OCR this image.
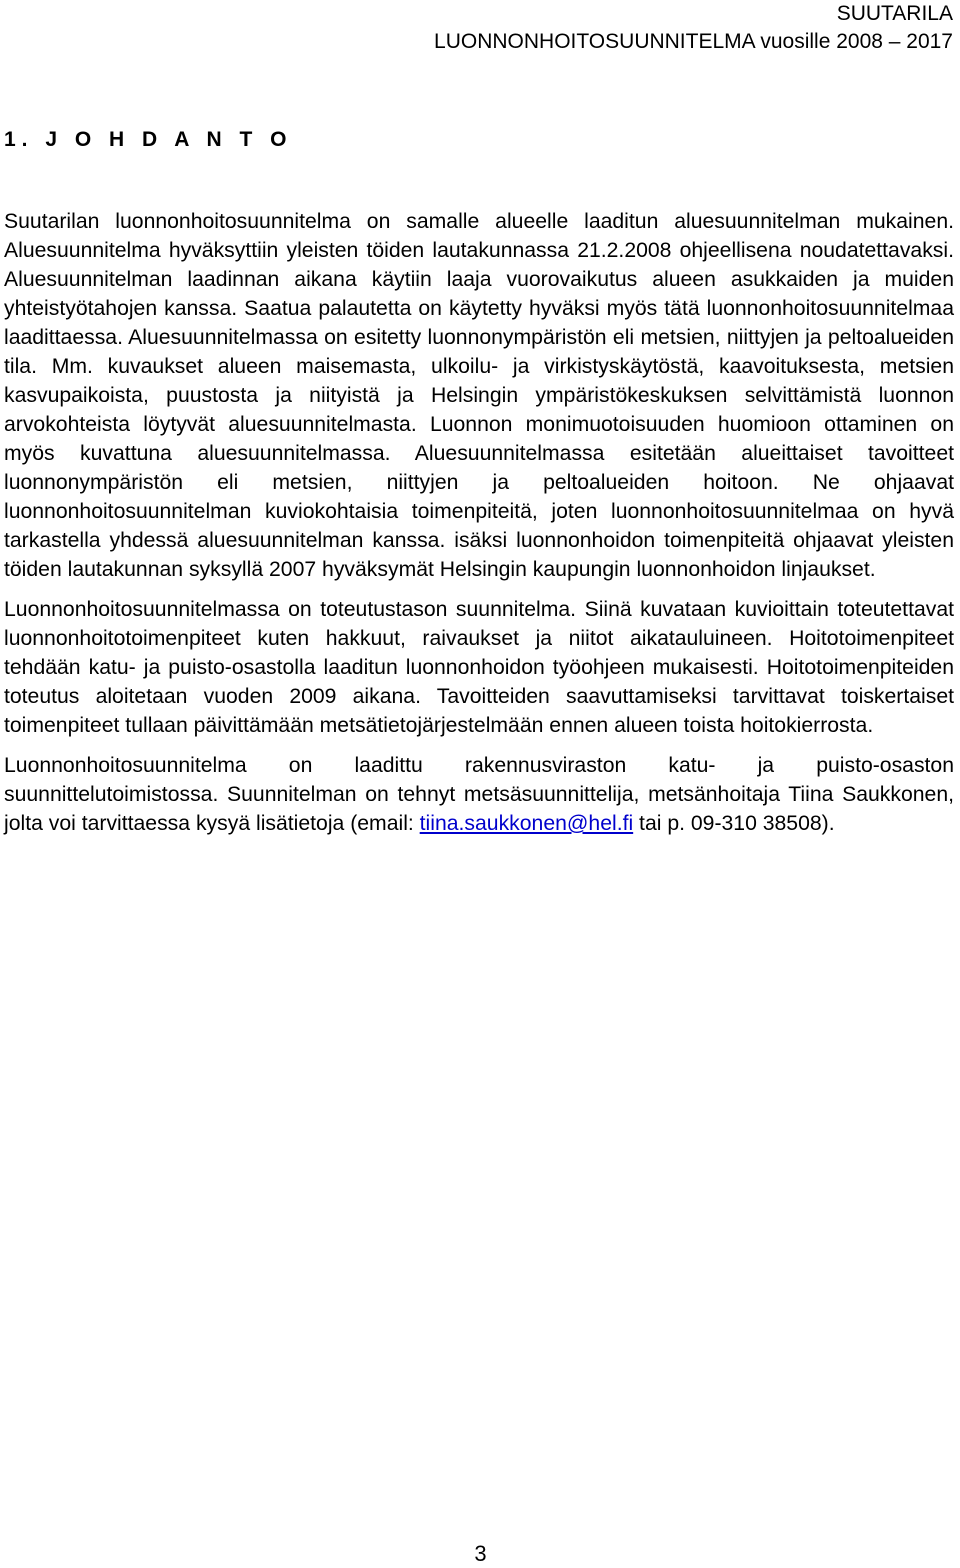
SUUTARILA
LUONNONHOITOSUUNNITELMA vuosille 2008 – 2017
1. J O H D A N T O

Suutarilan luonnonhoitosuunnitelma on samalle alueelle laaditun aluesuunnitelman mukainen. Aluesuunnitelma hyväksyttiin yleisten töiden lautakunnassa 21.2.2008 ohjeellisena noudatettavaksi. Aluesuunnitelman laadinnan aikana käytiin laaja vuorovaikutus alueen asukkaiden ja muiden yhteistyötahojen kanssa. Saatua palautetta on käytetty hyväksi myös tätä luonnonhoitosuunnitelmaa laadittaessa. Aluesuunnitelmassa on esitetty luonnonympäristön eli metsien, niittyjen ja peltoalueiden tila. Mm. kuvaukset alueen maisemasta, ulkoilu- ja virkistyskäytöstä, kaavoituksesta, metsien kasvupaikoista, puustosta ja niityistä ja Helsingin ympäristökeskuksen selvittämistä luonnon arvokohteista löytyvät aluesuunnitelmasta. Luonnon monimuotoisuuden huomioon ottaminen on myös kuvattuna aluesuunnitelmassa. Aluesuunnitelmassa esitetään alueittaiset tavoitteet luonnonympäristön eli metsien, niittyjen ja peltoalueiden hoitoon. Ne ohjaavat luonnonhoitosuunnitelman kuviokohtaisia toimenpiteitä, joten luonnonhoitosuunnitelmaa on hyvä tarkastella yhdessä aluesuunnitelman kanssa. isäksi luonnonhoidon toimenpiteitä ohjaavat yleisten töiden lautakunnan syksyllä 2007 hyväksymät Helsingin kaupungin luonnonhoidon linjaukset.

Luonnonhoitosuunnitelmassa on toteutustason suunnitelma. Siinä kuvataan kuvioittain toteutettavat luonnonhoitotoimenpiteet kuten hakkuut, raivaukset ja niitot aikatauluineen. Hoitotoimenpiteet tehdään katu- ja puisto-osastolla laaditun luonnonhoidon työohjeen mukaisesti. Hoitotoimenpiteiden toteutus aloitetaan vuoden 2009 aikana. Tavoitteiden saavuttamiseksi tarvittavat toiskertaiset toimenpiteet tullaan päivittämään metsätietojärjestelmään ennen alueen toista hoitokierrosta.

Luonnonhoitosuunnitelma on laadittu rakennusviraston katu- ja puisto-osaston suunnittelutoimistossa. Suunnitelman on tehnyt metsäsuunnittelija, metsänhoitaja Tiina Saukkonen, jolta voi tarvittaessa kysyä lisätietoja (email: tiina.saukkonen@hel.fi tai p. 09-310 38508).

3
